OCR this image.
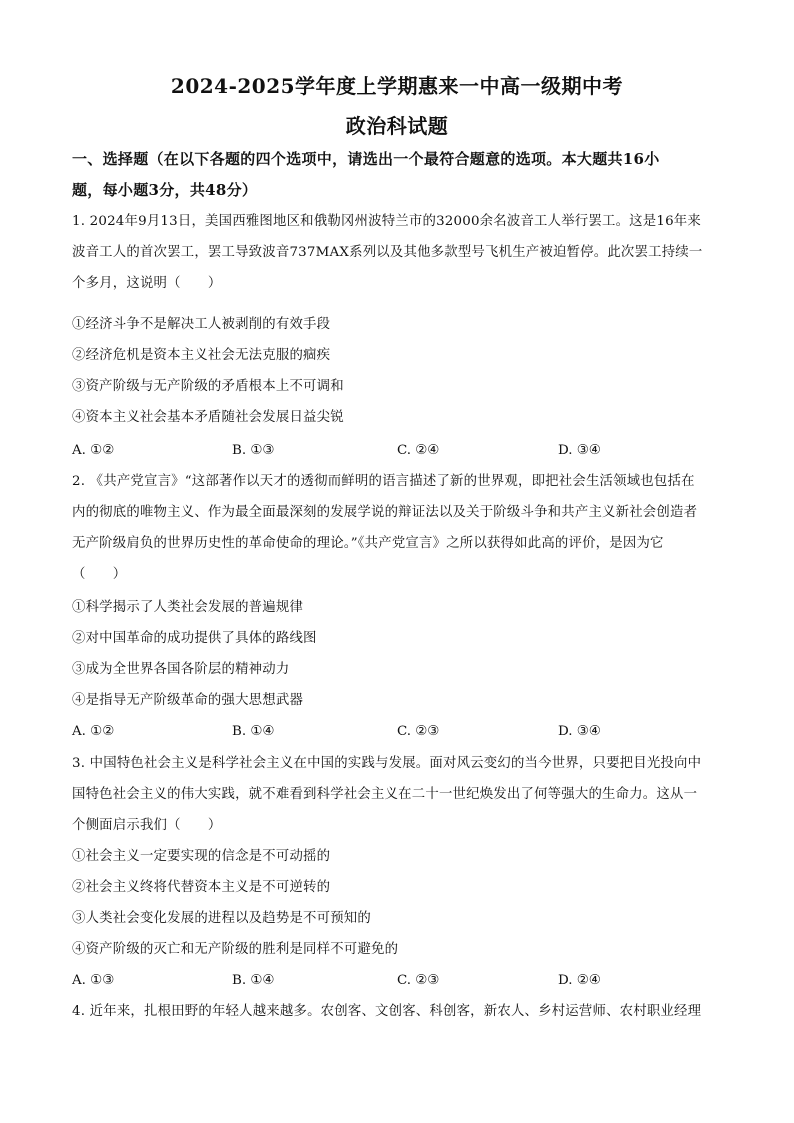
2024-2025学年度上学期惠来一中高一级期中考
政治科试题
一、选择题（在以下各题的四个选项中，请选出一个最符合题意的选项。本大题共16小
题，每小题3分，共48分）
1. 2024年9月13日，美国西雅图地区和俄勒冈州波特兰市的32000余名波音工人举行罢工。这是16年来
波音工人的首次罢工，罢工导致波音737MAX系列以及其他多款型号飞机生产被迫暂停。此次罢工持续一
个多月，这说明（　　）
①经济斗争不是解决工人被剥削的有效手段
②经济危机是资本主义社会无法克服的痼疾
③资产阶级与无产阶级的矛盾根本上不可调和
④资本主义社会基本矛盾随社会发展日益尖锐
A. ①②	B. ①③	C. ②④	D. ③④
2. 《共产党宣言》“这部著作以天才的透彻而鲜明的语言描述了新的世界观，即把社会生活领域也包括在
内的彻底的唯物主义、作为最全面最深刻的发展学说的辩证法以及关于阶级斗争和共产主义新社会创造者
无产阶级肩负的世界历史性的革命使命的理论。”《共产党宣言》之所以获得如此高的评价，是因为它
（　　）
①科学揭示了人类社会发展的普遍规律
②对中国革命的成功提供了具体的路线图
③成为全世界各国各阶层的精神动力
④是指导无产阶级革命的强大思想武器
A. ①②	B. ①④	C. ②③	D. ③④
3. 中国特色社会主义是科学社会主义在中国的实践与发展。面对风云变幻的当今世界，只要把目光投向中
国特色社会主义的伟大实践，就不难看到科学社会主义在二十一世纪焕发出了何等强大的生命力。这从一
个侧面启示我们（　　）
①社会主义一定要实现的信念是不可动摇的
②社会主义终将代替资本主义是不可逆转的
③人类社会变化发展的进程以及趋势是不可预知的
④资产阶级的灭亡和无产阶级的胜利是同样不可避免的
A. ①③	B. ①④	C. ②③	D. ②④
4. 近年来，扎根田野的年轻人越来越多。农创客、文创客、科创客，新农人、乡村运营师、农村职业经理
